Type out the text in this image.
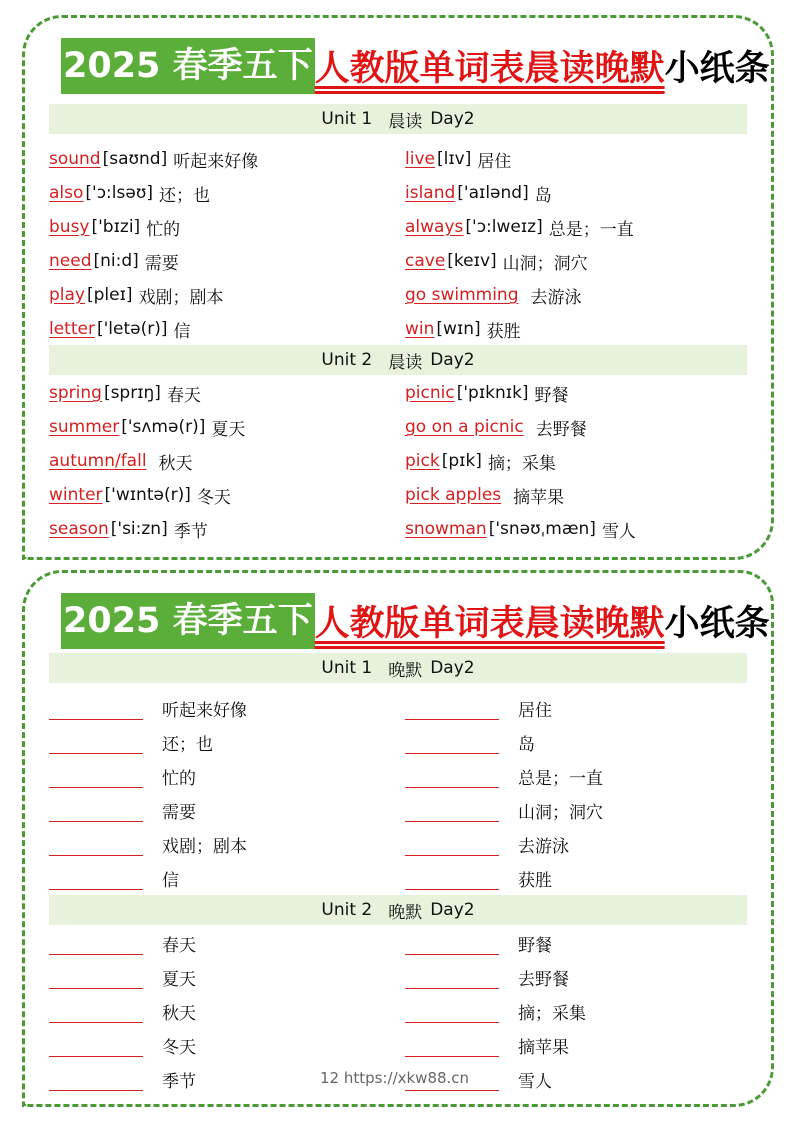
2025 春季五下 人教版单词表晨读晚默 小纸条
Unit 1 晨读 Day2
sound [saʊnd] 听起来好像	live [lɪv] 居住
also ['ɔ:lsəʊ] 还；也	island ['aɪlənd] 岛
busy ['bɪzi] 忙的	always ['ɔ:lweɪz] 总是；一直
need [ni:d] 需要	cave [keɪv] 山洞；洞穴
play [pleɪ] 戏剧；剧本	go swimming 去游泳
letter ['letə(r)] 信	win [wɪn] 获胜
Unit 2 晨读 Day2
spring [sprɪŋ] 春天	picnic ['pɪknɪk] 野餐
summer ['sʌmə(r)] 夏天	go on a picnic 去野餐
autumn/fall 秋天	pick [pɪk] 摘；采集
winter ['wɪntə(r)] 冬天	pick apples 摘苹果
season ['si:zn] 季节	snowman ['snəʊˌmæn] 雪人
2025 春季五下 人教版单词表晨读晚默 小纸条
Unit 1 晚默 Day2
听起来好像	居住
还；也	岛
忙的	总是；一直
需要	山洞；洞穴
戏剧；剧本	去游泳
信	获胜
Unit 2 晚默 Day2
春天	野餐
夏天	去野餐
秋天	摘；采集
冬天	摘苹果
季节	雪人
12 https://xkw88.cn
